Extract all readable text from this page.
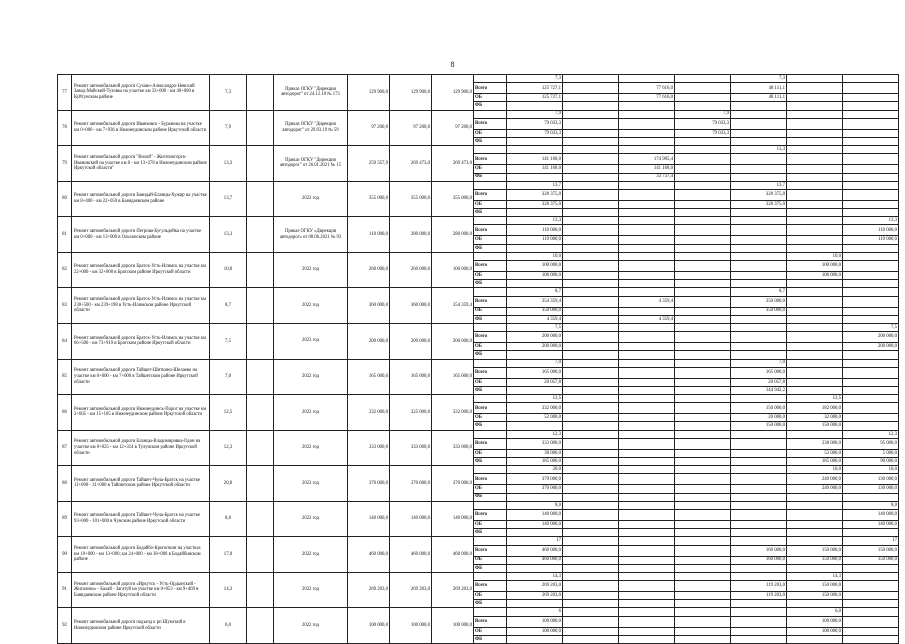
8
77	Ремонт автомобильной дороги Сухово-Александро-Невский Завод-Майский-Тузовка на участке км 33+000 - км 40+000 в Куйтунском районе	7,3		Приказ ОГКУ "Дирекция автодорог" от 24.12.18 № 173	129 900,0	129 900,0	129 900,0		7,3				7,3		
								Всего	125 727,1		77 616,0		48 111,1		
								ОБ	125 727,1		77 616,0		48 111,1		
								ФБ							
78	Ремонт автомобильной дороги Иванковск - Буранова на участке км 0+000 - км 7+936 в Нижнеудинском районе Иркутской области	7,9		Приказ ОГКУ "Дирекция автодорог" от 29.03.19 № 59	97 200,0	97 200,0	97 200,0		7,9			7,9			
								Всего	79 033,3			79 033,3			
								ОБ	79 033,3			79 033,3			
								ФБ							
79	Ремонт автомобильной дороги "Вихой" - Желтоногорск-Ивановский на участке км 0 - км 13+278 в Нижнеудинском районе Иркутской области"	13,3		Приказ ОГКУ "Дирекция автодорог" от 26.01.2021 № 15	259 357,9	269 473,0	269 473,0						13,3		
								Всего	141 168,0		174 905,4				
								ОБ	141 168,0		141 168,0				
								ФБ			33 737,4				
80	Ремонт автомобильной дороги Баяндай-Еланцы-Хужир на участке км 8+400 - км 22+050 в Баяндаевском районе	13,7		2022 год	355 000,0	355 000,0	355 000,0		13,7				13,7		
								Всего	328 375,0				328 375,0		
								ОБ	328 375,0				328 375,0		
								ФБ							
81	Ремонт автомобильной дороги Петрова-Бугульдейка на участке км 0+000 - км 13+000 в Ольхонском районе	13,3		Приказ ОГКУ «Дирекция автодорог» от 08.06.2021 № 93	110 000,0	280 000,0	280 000,0		13,3						13,3
								Всего	110 000,0						110 000,0
								ОБ	110 000,0						110 000,0
								ФБ							
82	Ремонт автомобильной дороги Братск-Усть-Илимск на участке км 22+000 - км 32+000 в Братском районе Иркутской области	10,0		2022 год	260 000,0	260 000,0	100 000,0		10,0					10,0	
								Всего	100 000,0					100 000,0	
								ОБ	100 000,0					100 000,0	
								ФБ							
83	Ремонт автомобильной дороги Братск-Усть-Илимск на участке км 230+500 - км 239+198 в Усть-Илимском районе Иркутской области	8,7		2022 год	360 000,0	360 000,0	354 359,4		8,7				8,7		
								Всего	354 359,4		4 359,4		350 000,0		
								ОБ	350 000,0				350 000,0		
								ФБ	4 359,4		4 359,4				
84	Ремонт автомобильной дороги Братск-Усть-Илимск на участке км 66+500 - км 73+919 в Братском районе Иркутской области	7,5		2023 год	200 000,0	200 000,0	200 000,0		7,5						7,5
								Всего	200 000,0						200 000,0
								ОБ	200 000,0						200 000,0
								ФБ							
85	Ремонт автомобильной дороги Тайшет-Шиткино-Шелаево на участке км 0+000 - км 7+000 в Тайшетском районе Иркутской области	7,0		2022 год	165 000,0	165 000,0	165 000,0		7,0				7,0		
								Всего	165 000,0				165 000,0		
								ОБ	20 057,8				20 057,8		
								ФБ					144 942,2		
86	Ремонт автомобильной дороги Нижнеудинск-Порог на участке км 2+605 - км 15+105 в Нижнеудинском районе Иркутской области	12,5		2022 год	332 000,0	325 000,0	332 000,0		12,5					12,5	
								Всего	332 000,0				150 000,0	182 000,0	
								ОБ	52 000,0				20 000,0	32 000,0	
								ФБ					150 000,0	150 000,0	
87	Ремонт автомобильной дороги Еланцы-Владимировка-Одон на участке км 0+025 - км 12+314 в Тулунском районе Иркутской области	12,3		2022 год	333 000,0	333 000,0	333 000,0		12,3						12,3
								Всего	333 000,0					238 000,0	95 000,0
								ОБ	38 000,0					53 000,0	5 000,0
								ФБ	185 000,0					185 000,0	90 000,0
88	Ремонт автомобильной дороги Тайшет-Чуна-Братск на участке 11+000 - 31+000 в Тайшетском районе Иркутской области	20,0		2023 год	370 000,0	370 000,0	370 000,0		20,0					10,0	10,0
								Всего	370 000,0					240 000,0	130 000,0
								ОБ	370 000,0					240 000,0	130 000,0
								ФБ							
89	Ремонт автомобильной дороги Тайшет-Чуна-Братск на участке 93+000 - 101+000 в Чунском районе Иркутской области	8,0		2022 год	140 000,0	140 000,0	140 000,0		8,0						8,0
								Всего	140 000,0						140 000,0
								ОБ	140 000,0						140 000,0
								ФБ							
90	Ремонт автомобильной дороги Бодайбо-Кропоткин на участках км 10+000 - км 13+000; км 24+000 - км 38+000 в Бодайбинском районе	17,0		2022 год	460 000,0	460 000,0	460 000,0		17						17
								Всего	460 000,0				160 000,0	150 000,0	150 000,0
								ОБ	460 000,0				160 000,0	150 000,0	150 000,0
								ФБ							
91	Ремонт автомобильной дороги «Иркутск - Усть-Ордынский - Жигалово» - Бахай - Загатуй на участке км 0+053 - км 9+469 в Баяндаевском районе Иркутской области	14,3		2022 год	269 203,0	269 203,0	269 203,0		14,3					14,3	
								Всего	269 203,0				119 203,0	150 000,0	
								ОБ	269 203,0				119 203,0	150 000,0	
								ФБ							
92	Ремонт автомобильной дороги подъезд к рп Шумский в Нижнеудинском районе Иркутской области	6,0		2022 год	100 000,0	100 000,0	100 000,0		6					6,0	
								Всего	100 000,0					100 000,0	
								ОБ	100 000,0					100 000,0	
								ФБ							
